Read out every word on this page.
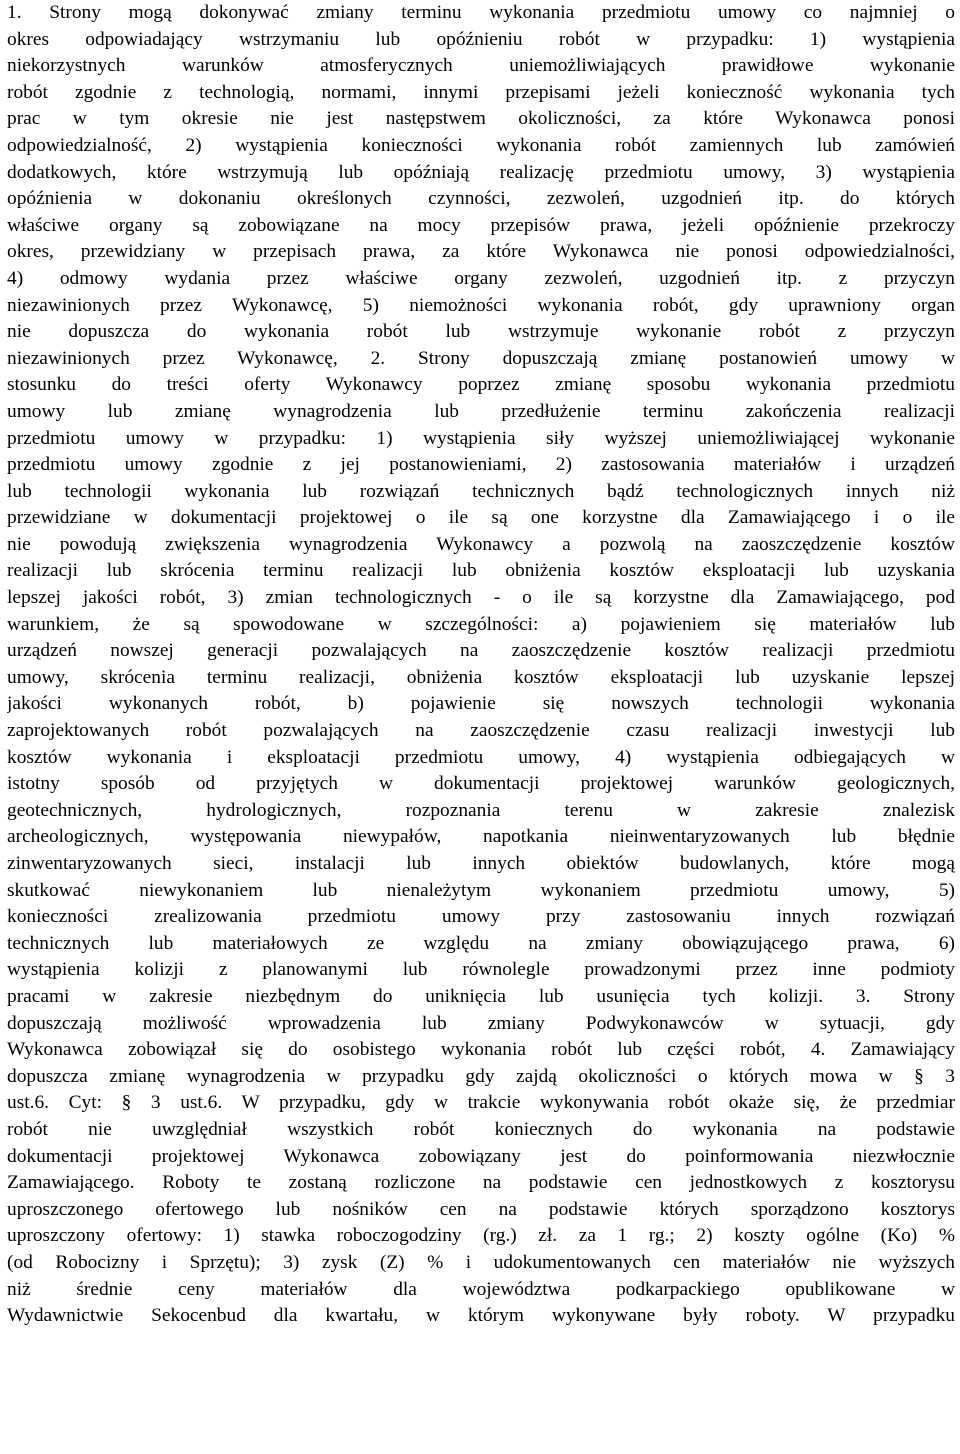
1. Strony mogą dokonywać zmiany terminu wykonania przedmiotu umowy co najmniej o
okres odpowiadający wstrzymaniu lub opóźnieniu robót w przypadku: 1) wystąpienia
niekorzystnych warunków atmosferycznych uniemożliwiających prawidłowe wykonanie
robót zgodnie z technologią, normami, innymi przepisami jeżeli konieczność wykonania tych
prac w tym okresie nie jest następstwem okoliczności, za które Wykonawca ponosi
odpowiedzialność, 2) wystąpienia konieczności wykonania robót zamiennych lub zamówień
dodatkowych, które wstrzymują lub opóźniają realizację przedmiotu umowy, 3) wystąpienia
opóźnienia w dokonaniu określonych czynności, zezwoleń, uzgodnień itp. do których
właściwe organy są zobowiązane na mocy przepisów prawa, jeżeli opóźnienie przekroczy
okres, przewidziany w przepisach prawa, za które Wykonawca nie ponosi odpowiedzialności,
4) odmowy wydania przez właściwe organy zezwoleń, uzgodnień itp. z przyczyn
niezawinionych przez Wykonawcę, 5) niemożności wykonania robót, gdy uprawniony organ
nie dopuszcza do wykonania robót lub wstrzymuje wykonanie robót z przyczyn
niezawinionych przez Wykonawcę, 2. Strony dopuszczają zmianę postanowień umowy w
stosunku do treści oferty Wykonawcy poprzez zmianę sposobu wykonania przedmiotu
umowy lub zmianę wynagrodzenia lub przedłużenie terminu zakończenia realizacji
przedmiotu umowy w przypadku: 1) wystąpienia siły wyższej uniemożliwiającej wykonanie
przedmiotu umowy zgodnie z jej postanowieniami, 2) zastosowania materiałów i urządzeń
lub technologii wykonania lub rozwiązań technicznych bądź technologicznych innych niż
przewidziane w dokumentacji projektowej o ile są one korzystne dla Zamawiającego i o ile
nie powodują zwiększenia wynagrodzenia Wykonawcy a pozwolą na zaoszczędzenie kosztów
realizacji lub skrócenia terminu realizacji lub obniżenia kosztów eksploatacji lub uzyskania
lepszej jakości robót, 3) zmian technologicznych - o ile są korzystne dla Zamawiającego, pod
warunkiem, że są spowodowane w szczególności: a) pojawieniem się materiałów lub
urządzeń nowszej generacji pozwalających na zaoszczędzenie kosztów realizacji przedmiotu
umowy, skrócenia terminu realizacji, obniżenia kosztów eksploatacji lub uzyskanie lepszej
jakości wykonanych robót, b) pojawienie się nowszych technologii wykonania
zaprojektowanych robót pozwalających na zaoszczędzenie czasu realizacji inwestycji lub
kosztów wykonania i eksploatacji przedmiotu umowy, 4) wystąpienia odbiegających w
istotny sposób od przyjętych w dokumentacji projektowej warunków geologicznych,
geotechnicznych, hydrologicznych, rozpoznania terenu w zakresie znalezisk
archeologicznych, występowania niewypałów, napotkania nieinwentaryzowanych lub błędnie
zinwentaryzowanych sieci, instalacji lub innych obiektów budowlanych, które mogą
skutkować niewykonaniem lub nienależytym wykonaniem przedmiotu umowy, 5)
konieczności zrealizowania przedmiotu umowy przy zastosowaniu innych rozwiązań
technicznych lub materiałowych ze względu na zmiany obowiązującego prawa, 6)
wystąpienia kolizji z planowanymi lub równolegle prowadzonymi przez inne podmioty
pracami w zakresie niezbędnym do uniknięcia lub usunięcia tych kolizji. 3. Strony
dopuszczają możliwość wprowadzenia lub zmiany Podwykonawców w sytuacji, gdy
Wykonawca zobowiązał się do osobistego wykonania robót lub części robót, 4. Zamawiający
dopuszcza zmianę wynagrodzenia w przypadku gdy zajdą okoliczności o których mowa w § 3
ust.6. Cyt: § 3 ust.6. W przypadku, gdy w trakcie wykonywania robót okaże się, że przedmiar
robót nie uwzględniał wszystkich robót koniecznych do wykonania na podstawie
dokumentacji projektowej Wykonawca zobowiązany jest do poinformowania niezwłocznie
Zamawiającego. Roboty te zostaną rozliczone na podstawie cen jednostkowych z kosztorysu
uproszczonego ofertowego lub nośników cen na podstawie których sporządzono kosztorys
uproszczony ofertowy: 1) stawka roboczogodziny (rg.) zł. za 1 rg.; 2) koszty ogólne (Ko) %
(od Robocizny i Sprzętu); 3) zysk (Z) % i udokumentowanych cen materiałów nie wyższych
niż średnie ceny materiałów dla województwa podkarpackiego opublikowane w
Wydawnictwie Sekocenbud dla kwartału, w którym wykonywane były roboty. W przypadku
